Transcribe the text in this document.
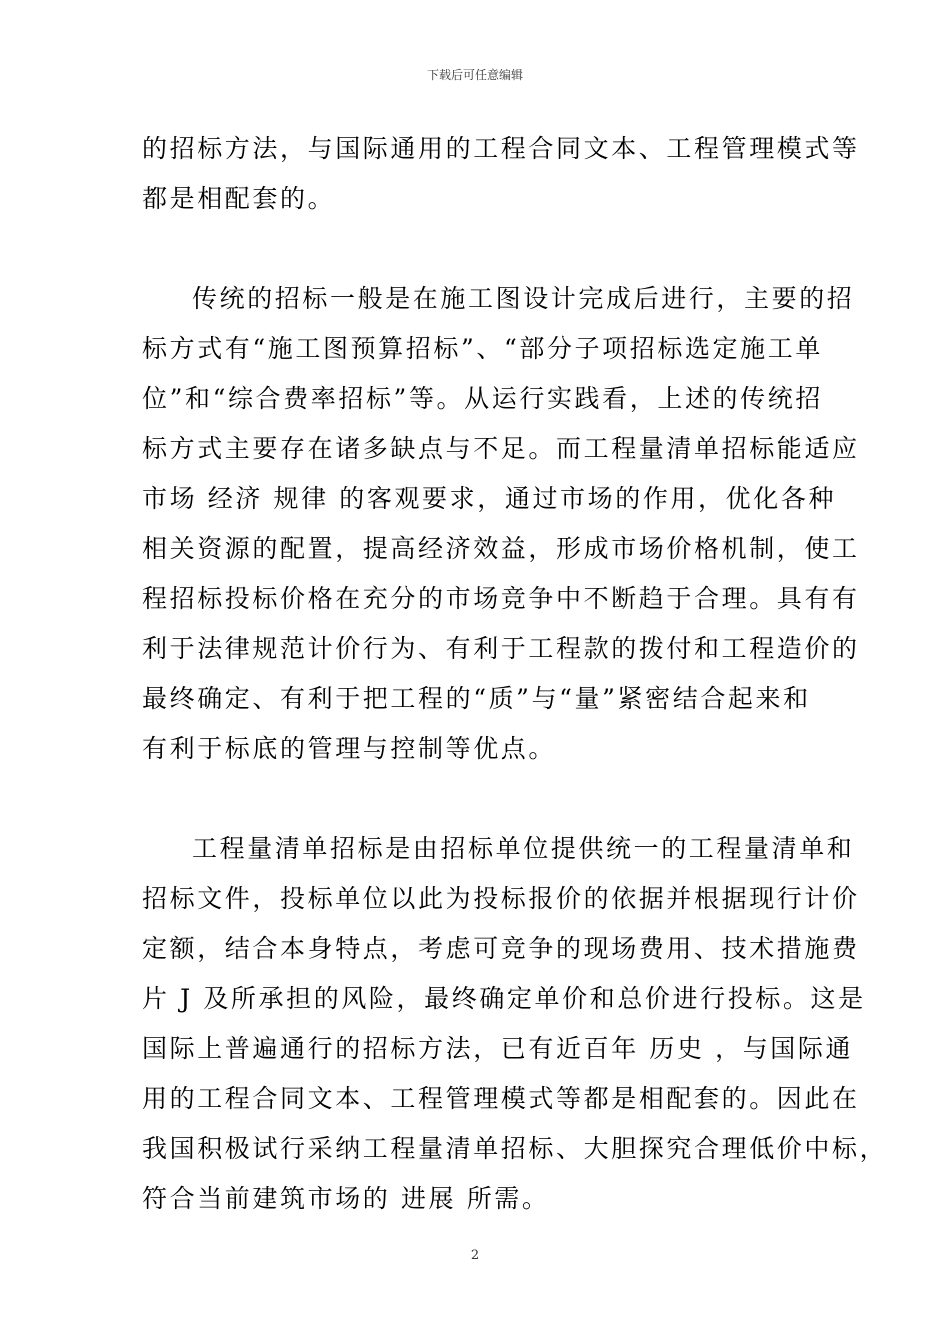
下载后可任意编辑
的招标方法，与国际通用的工程合同文本、工程管理模式等
都是相配套的。
传统的招标一般是在施工图设计完成后进行，主要的招
标方式有“施工图预算招标”、“部分子项招标选定施工单
位”和“综合费率招标”等。从运行实践看，上述的传统招
标方式主要存在诸多缺点与不足。而工程量清单招标能适应
市场 经济 规律 的客观要求，通过市场的作用，优化各种
相关资源的配置，提高经济效益，形成市场价格机制，使工
程招标投标价格在充分的市场竞争中不断趋于合理。具有有
利于法律规范计价行为、有利于工程款的拨付和工程造价的
最终确定、有利于把工程的“质”与“量”紧密结合起来和
有利于标底的管理与控制等优点。
工程量清单招标是由招标单位提供统一的工程量清单和
招标文件，投标单位以此为投标报价的依据并根据现行计价
定额，结合本身特点，考虑可竞争的现场费用、技术措施费
片 J 及所承担的风险，最终确定单价和总价进行投标。这是
国际上普遍通行的招标方法，已有近百年 历史 ，与国际通
用的工程合同文本、工程管理模式等都是相配套的。因此在
我国积极试行采纳工程量清单招标、大胆探究合理低价中标，
符合当前建筑市场的 进展 所需。
2
